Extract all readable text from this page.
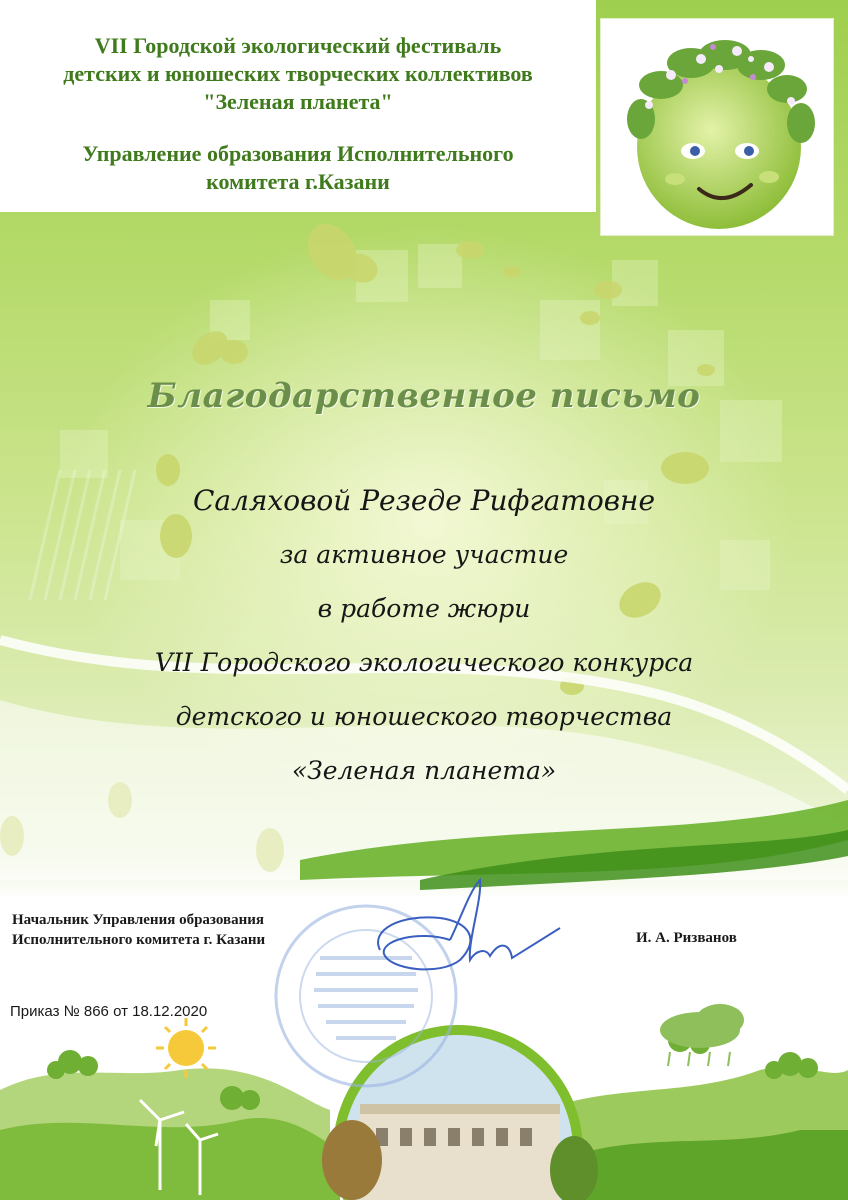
VII Городской экологический фестиваль
детских и юношеских творческих коллективов
"Зеленая планета"
Управление образования Исполнительного
комитета г.Казани
Благодарственное письмо
Саляховой Резеде Рифгатовне
за активное участие
в работе жюри
VII Городского экологического конкурса
детского и юношеского творчества
«Зеленая планета»
Начальник Управления образования
Исполнительного комитета г. Казани	И. А. Ризванов
Приказ № 866 от 18.12.2020
